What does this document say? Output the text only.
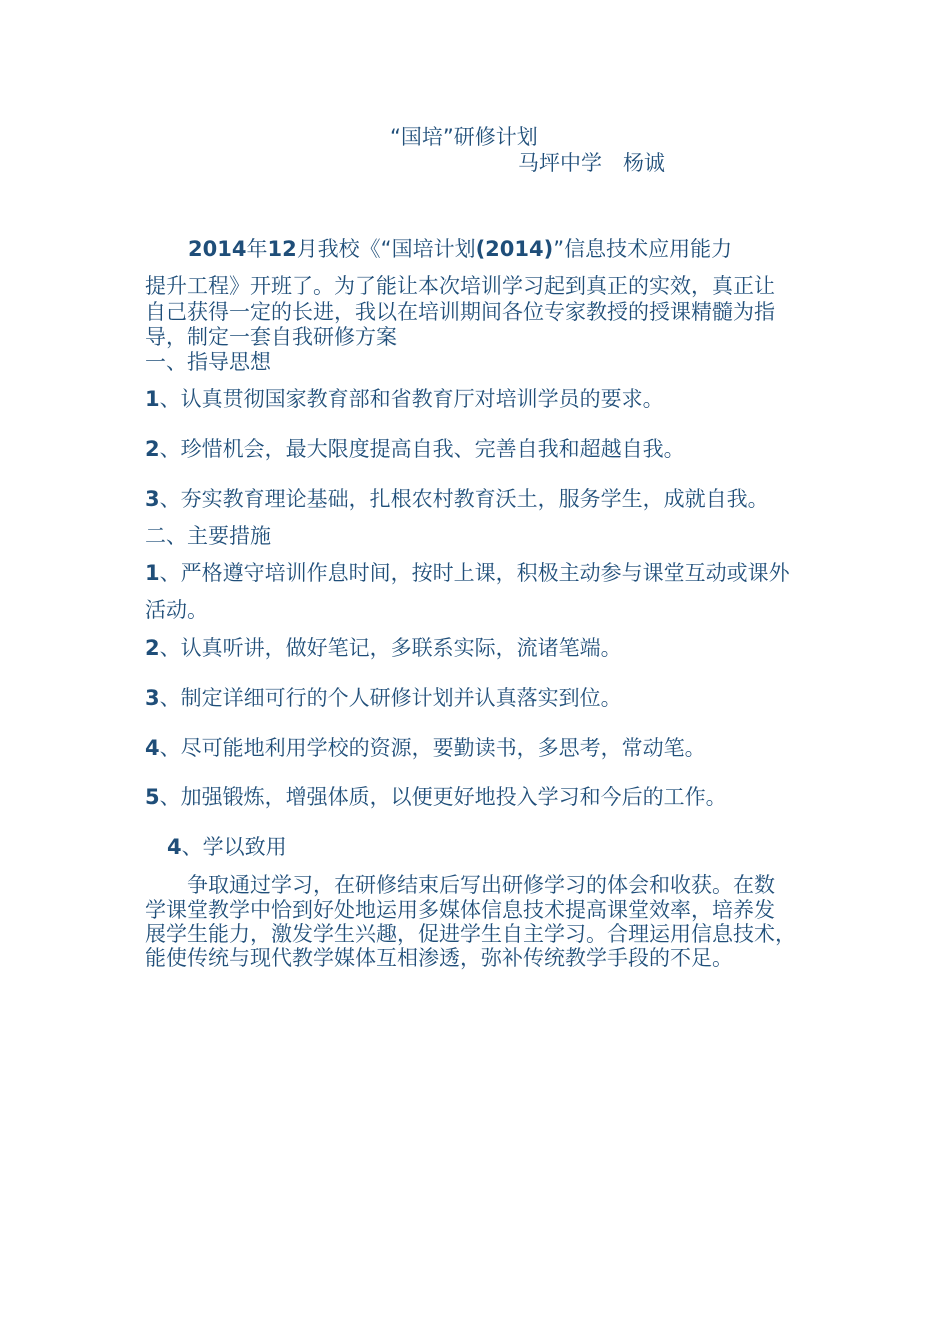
“国培”研修计划
马坪中学　杨诚
2014年12月我校《“国培计划(2014)”信息技术应用能力
提升工程》开班了。为了能让本次培训学习起到真正的实效，真正让
自己获得一定的长进，我以在培训期间各位专家教授的授课精髓为指
导，制定一套自我研修方案
一、指导思想
1、认真贯彻国家教育部和省教育厅对培训学员的要求。
2、珍惜机会，最大限度提高自我、完善自我和超越自我。
3、夯实教育理论基础，扎根农村教育沃土，服务学生，成就自我。
二、主要措施
1、严格遵守培训作息时间，按时上课，积极主动参与课堂互动或课外
活动。
2、认真听讲，做好笔记，多联系实际，流诸笔端。
3、制定详细可行的个人研修计划并认真落实到位。
4、尽可能地利用学校的资源，要勤读书，多思考，常动笔。
5、加强锻炼，增强体质，以便更好地投入学习和今后的工作。
4、学以致用
　　争取通过学习，在研修结束后写出研修学习的体会和收获。在数
学课堂教学中恰到好处地运用多媒体信息技术提高课堂效率，培养发
展学生能力，激发学生兴趣，促进学生自主学习。合理运用信息技术，
能使传统与现代教学媒体互相渗透，弥补传统教学手段的不足。
